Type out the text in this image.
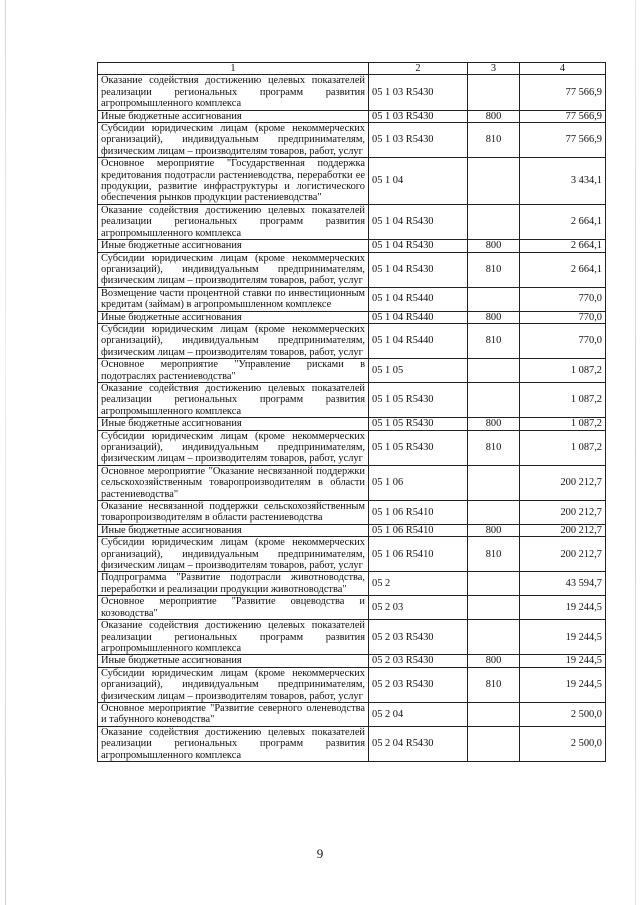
1	2	3	4
Оказание содействия достижению целевых показателей реализации региональных программ развития агропромышленного комплекса	05 1 03 R5430		77 566,9
Иные бюджетные ассигнования	05 1 03 R5430	800	77 566,9
Субсидии юридическим лицам (кроме некоммерческих организаций), индивидуальным предпринимателям, физическим лицам – производителям товаров, работ, услуг	05 1 03 R5430	810	77 566,9
Основное мероприятие "Государственная поддержка кредитования подотрасли растениеводства, переработки ее продукции, развитие инфраструктуры и логистического обеспечения рынков продукции растениеводства"	05 1 04		3 434,1
Оказание содействия достижению целевых показателей реализации региональных программ развития агропромышленного комплекса	05 1 04 R5430		2 664,1
Иные бюджетные ассигнования	05 1 04 R5430	800	2 664,1
Субсидии юридическим лицам (кроме некоммерческих организаций), индивидуальным предпринимателям, физическим лицам – производителям товаров, работ, услуг	05 1 04 R5430	810	2 664,1
Возмещение части процентной ставки по инвестиционным кредитам (займам) в агропромышленном комплексе	05 1 04 R5440		770,0
Иные бюджетные ассигнования	05 1 04 R5440	800	770,0
Субсидии юридическим лицам (кроме некоммерческих организаций), индивидуальным предпринимателям, физическим лицам – производителям товаров, работ, услуг	05 1 04 R5440	810	770,0
Основное мероприятие "Управление рисками в подотраслях растениеводства"	05 1 05		1 087,2
Оказание содействия достижению целевых показателей реализации региональных программ развития агропромышленного комплекса	05 1 05 R5430		1 087,2
Иные бюджетные ассигнования	05 1 05 R5430	800	1 087,2
Субсидии юридическим лицам (кроме некоммерческих организаций), индивидуальным предпринимателям, физическим лицам – производителям товаров, работ, услуг	05 1 05 R5430	810	1 087,2
Основное мероприятие "Оказание несвязанной поддержки сельскохозяйственным товаропроизводителям в области растениеводства"	05 1 06		200 212,7
Оказание несвязанной поддержки сельскохозяйственным товаропроизводителям в области растениеводства	05 1 06 R5410		200 212,7
Иные бюджетные ассигнования	05 1 06 R5410	800	200 212,7
Субсидии юридическим лицам (кроме некоммерческих организаций), индивидуальным предпринимателям, физическим лицам – производителям товаров, работ, услуг	05 1 06 R5410	810	200 212,7
Подпрограмма "Развитие подотрасли животноводства, переработки и реализации продукции животноводства"	05 2		43 594,7
Основное мероприятие "Развитие овцеводства и козоводства"	05 2 03		19 244,5
Оказание содействия достижению целевых показателей реализации региональных программ развития агропромышленного комплекса	05 2 03 R5430		19 244,5
Иные бюджетные ассигнования	05 2 03 R5430	800	19 244,5
Субсидии юридическим лицам (кроме некоммерческих организаций), индивидуальным предпринимателям, физическим лицам – производителям товаров, работ, услуг	05 2 03 R5430	810	19 244,5
Основное мероприятие "Развитие северного оленеводства и табунного коневодства"	05 2 04		2 500,0
Оказание содействия достижению целевых показателей реализации региональных программ развития агропромышленного комплекса	05 2 04 R5430		2 500,0
9
